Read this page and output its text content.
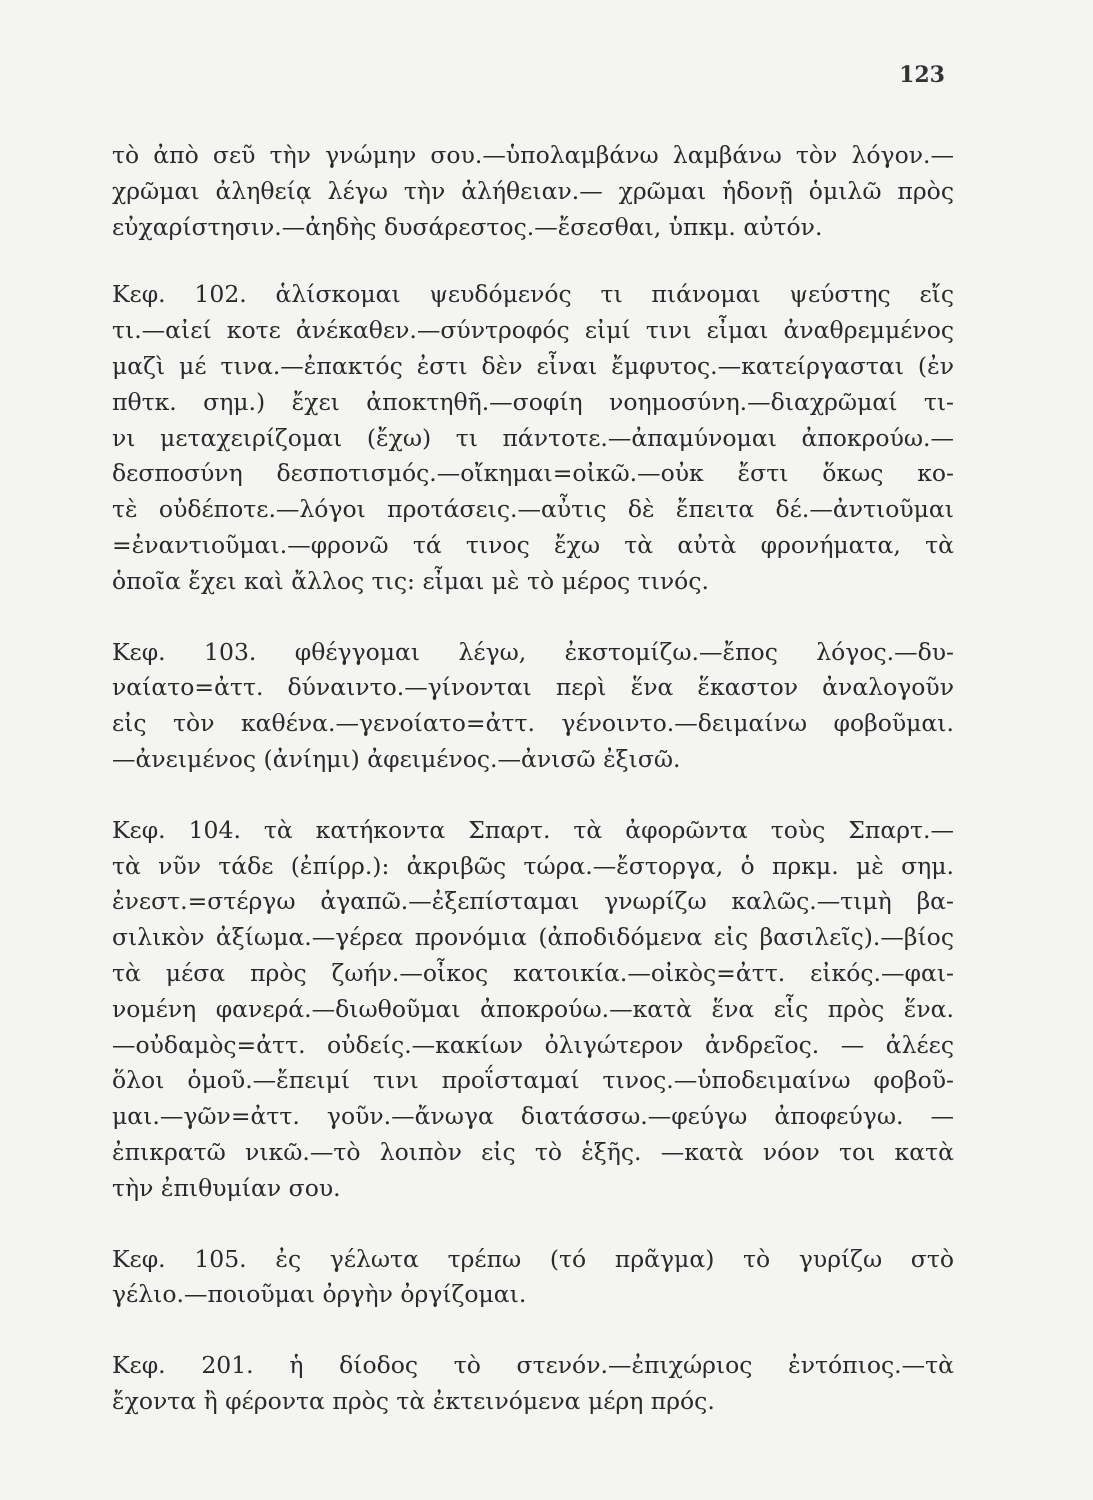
123
τὸ ἀπὸ σεῦ τὴν γνώμην σου.—ὑπολαμβάνω λαμβάνω τὸν λόγον.—
χρῶμαι ἀληθείᾳ λέγω τὴν ἀλήθειαν.— χρῶμαι ἡδονῇ ὁμιλῶ πρὸς
εὐχαρίστησιν.—ἀηδὴς δυσάρεστος.—ἔσεσθαι, ὑπκμ. αὐτόν.
Κεφ. 102. ἁλίσκομαι ψευδόμενός τι πιάνομαι ψεύστης εἴς
τι.—αἰεί κοτε ἀνέκαθεν.—σύντροφός εἰμί τινι εἶμαι ἀναθρεμμένος
μαζὶ μέ τινα.—ἐπακτός ἐστι δὲν εἶναι ἔμφυτος.—κατείργασται (ἐν
πθτκ. σημ.) ἔχει ἀποκτηθῆ.—σοφίη νοημοσύνη.—διαχρῶμαί τι-
νι μεταχειρίζομαι (ἔχω) τι πάντοτε.—ἀπαμύνομαι ἀποκρούω.—
δεσποσύνη δεσποτισμός.—οἴκημαι=οἰκῶ.—οὐκ ἔστι ὅκως κο-
τὲ οὐδέποτε.—λόγοι προτάσεις.—αὖτις δὲ ἔπειτα δέ.—ἀντιοῦμαι
=ἐναντιοῦμαι.—φρονῶ τά τινος ἔχω τὰ αὐτὰ φρονήματα, τὰ
ὁποῖα ἔχει καὶ ἄλλος τις: εἶμαι μὲ τὸ μέρος τινός.
Κεφ. 103. φθέγγομαι λέγω, ἐκστομίζω.—ἔπος λόγος.—δυ-
ναίατο=ἀττ. δύναιντο.—γίνονται περὶ ἕνα ἕκαστον ἀναλογοῦν
εἰς τὸν καθένα.—γενοίατο=ἀττ. γένοιντο.—δειμαίνω φοβοῦμαι.
—ἀνειμένος (ἀνίημι) ἀφειμένος.—ἀνισῶ ἐξισῶ.
Κεφ. 104. τὰ κατήκοντα Σπαρτ. τὰ ἀφορῶντα τοὺς Σπαρτ.—
τὰ νῦν τάδε (ἐπίρρ.): ἀκριβῶς τώρα.—ἔστοργα, ὁ πρκμ. μὲ σημ.
ἐνεστ.=στέργω ἀγαπῶ.—ἐξεπίσταμαι γνωρίζω καλῶς.—τιμὴ βα-
σιλικὸν ἀξίωμα.—γέρεα προνόμια (ἀποδιδόμενα εἰς βασιλεῖς).—βίος
τὰ μέσα πρὸς ζωήν.—οἶκος κατοικία.—οἰκὸς=ἀττ. εἰκός.—φαι-
νομένη φανερά.—διωθοῦμαι ἀποκρούω.—κατὰ ἕνα εἷς πρὸς ἕνα.
—οὐδαμὸς=ἀττ. οὐδείς.—κακίων ὀλιγώτερον ἀνδρεῖος. — ἀλέες
ὅλοι ὁμοῦ.—ἔπειμί τινι προΐσταμαί τινος.—ὑποδειμαίνω φοβοῦ-
μαι.—γῶν=ἀττ. γοῦν.—ἄνωγα διατάσσω.—φεύγω ἀποφεύγω. —
ἐπικρατῶ νικῶ.—τὸ λοιπὸν εἰς τὸ ἑξῆς. —κατὰ νόον τοι κατὰ
τὴν ἐπιθυμίαν σου.
Κεφ. 105. ἐς γέλωτα τρέπω (τό πρᾶγμα) τὸ γυρίζω στὸ
γέλιο.—ποιοῦμαι ὀργὴν ὀργίζομαι.
Κεφ. 201. ἡ δίοδος τὸ στενόν.—ἐπιχώριος ἐντόπιος.—τὰ
ἔχοντα ἢ φέροντα πρὸς τὰ ἐκτεινόμενα μέρη πρός.
